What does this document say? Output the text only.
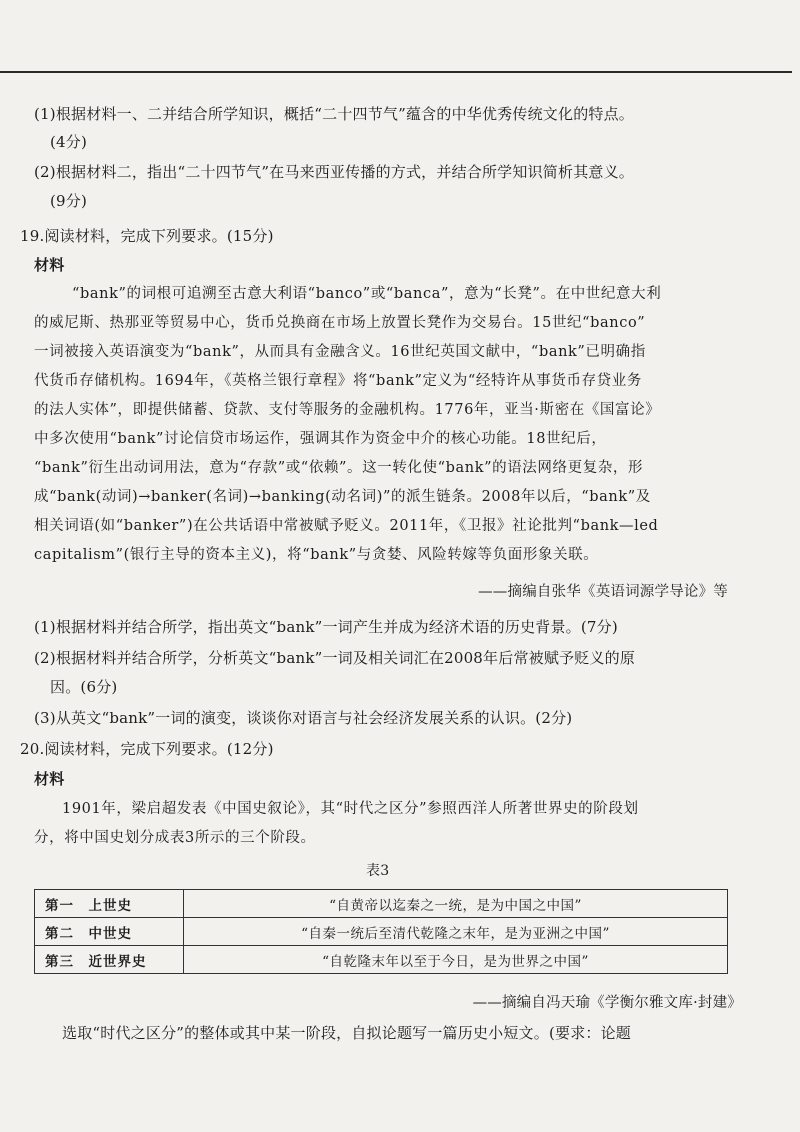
(1)根据材料一、二并结合所学知识，概括“二十四节气”蕴含的中华优秀传统文化的特点。
(4分)
(2)根据材料二，指出“二十四节气”在马来西亚传播的方式，并结合所学知识简析其意义。
(9分)
19.阅读材料，完成下列要求。(15分)
材料
“bank”的词根可追溯至古意大利语“banco”或“banca”，意为“长凳”。在中世纪意大利
的威尼斯、热那亚等贸易中心，货币兑换商在市场上放置长凳作为交易台。15世纪“banco”
一词被接入英语演变为“bank”，从而具有金融含义。16世纪英国文献中，“bank”已明确指
代货币存储机构。1694年，《英格兰银行章程》将“bank”定义为“经特许从事货币存贷业务
的法人实体”，即提供储蓄、贷款、支付等服务的金融机构。1776年，亚当·斯密在《国富论》
中多次使用“bank”讨论信贷市场运作，强调其作为资金中介的核心功能。18世纪后，
“bank”衍生出动词用法，意为“存款”或“依赖”。这一转化使“bank”的语法网络更复杂，形
成“bank(动词)→banker(名词)→banking(动名词)”的派生链条。2008年以后，“bank”及
相关词语(如“banker”)在公共话语中常被赋予贬义。2011年，《卫报》社论批判“bank—led
capitalism”(银行主导的资本主义)，将“bank”与贪婪、风险转嫁等负面形象关联。
——摘编自张华《英语词源学导论》等
(1)根据材料并结合所学，指出英文“bank”一词产生并成为经济术语的历史背景。(7分)
(2)根据材料并结合所学，分析英文“bank”一词及相关词汇在2008年后常被赋予贬义的原
因。(6分)
(3)从英文“bank”一词的演变，谈谈你对语言与社会经济发展关系的认识。(2分)
20.阅读材料，完成下列要求。(12分)
材料
1901年，梁启超发表《中国史叙论》，其“时代之区分”参照西洋人所著世界史的阶段划
分，将中国史划分成表3所示的三个阶段。
表3
第一　上世史	“自黄帝以迄秦之一统，是为中国之中国”
第二　中世史	“自秦一统后至清代乾隆之末年，是为亚洲之中国”
第三　近世界史	“自乾隆末年以至于今日，是为世界之中国”
——摘编自冯天瑜《学衡尔雅文库·封建》
选取“时代之区分”的整体或其中某一阶段，自拟论题写一篇历史小短文。(要求：论题
